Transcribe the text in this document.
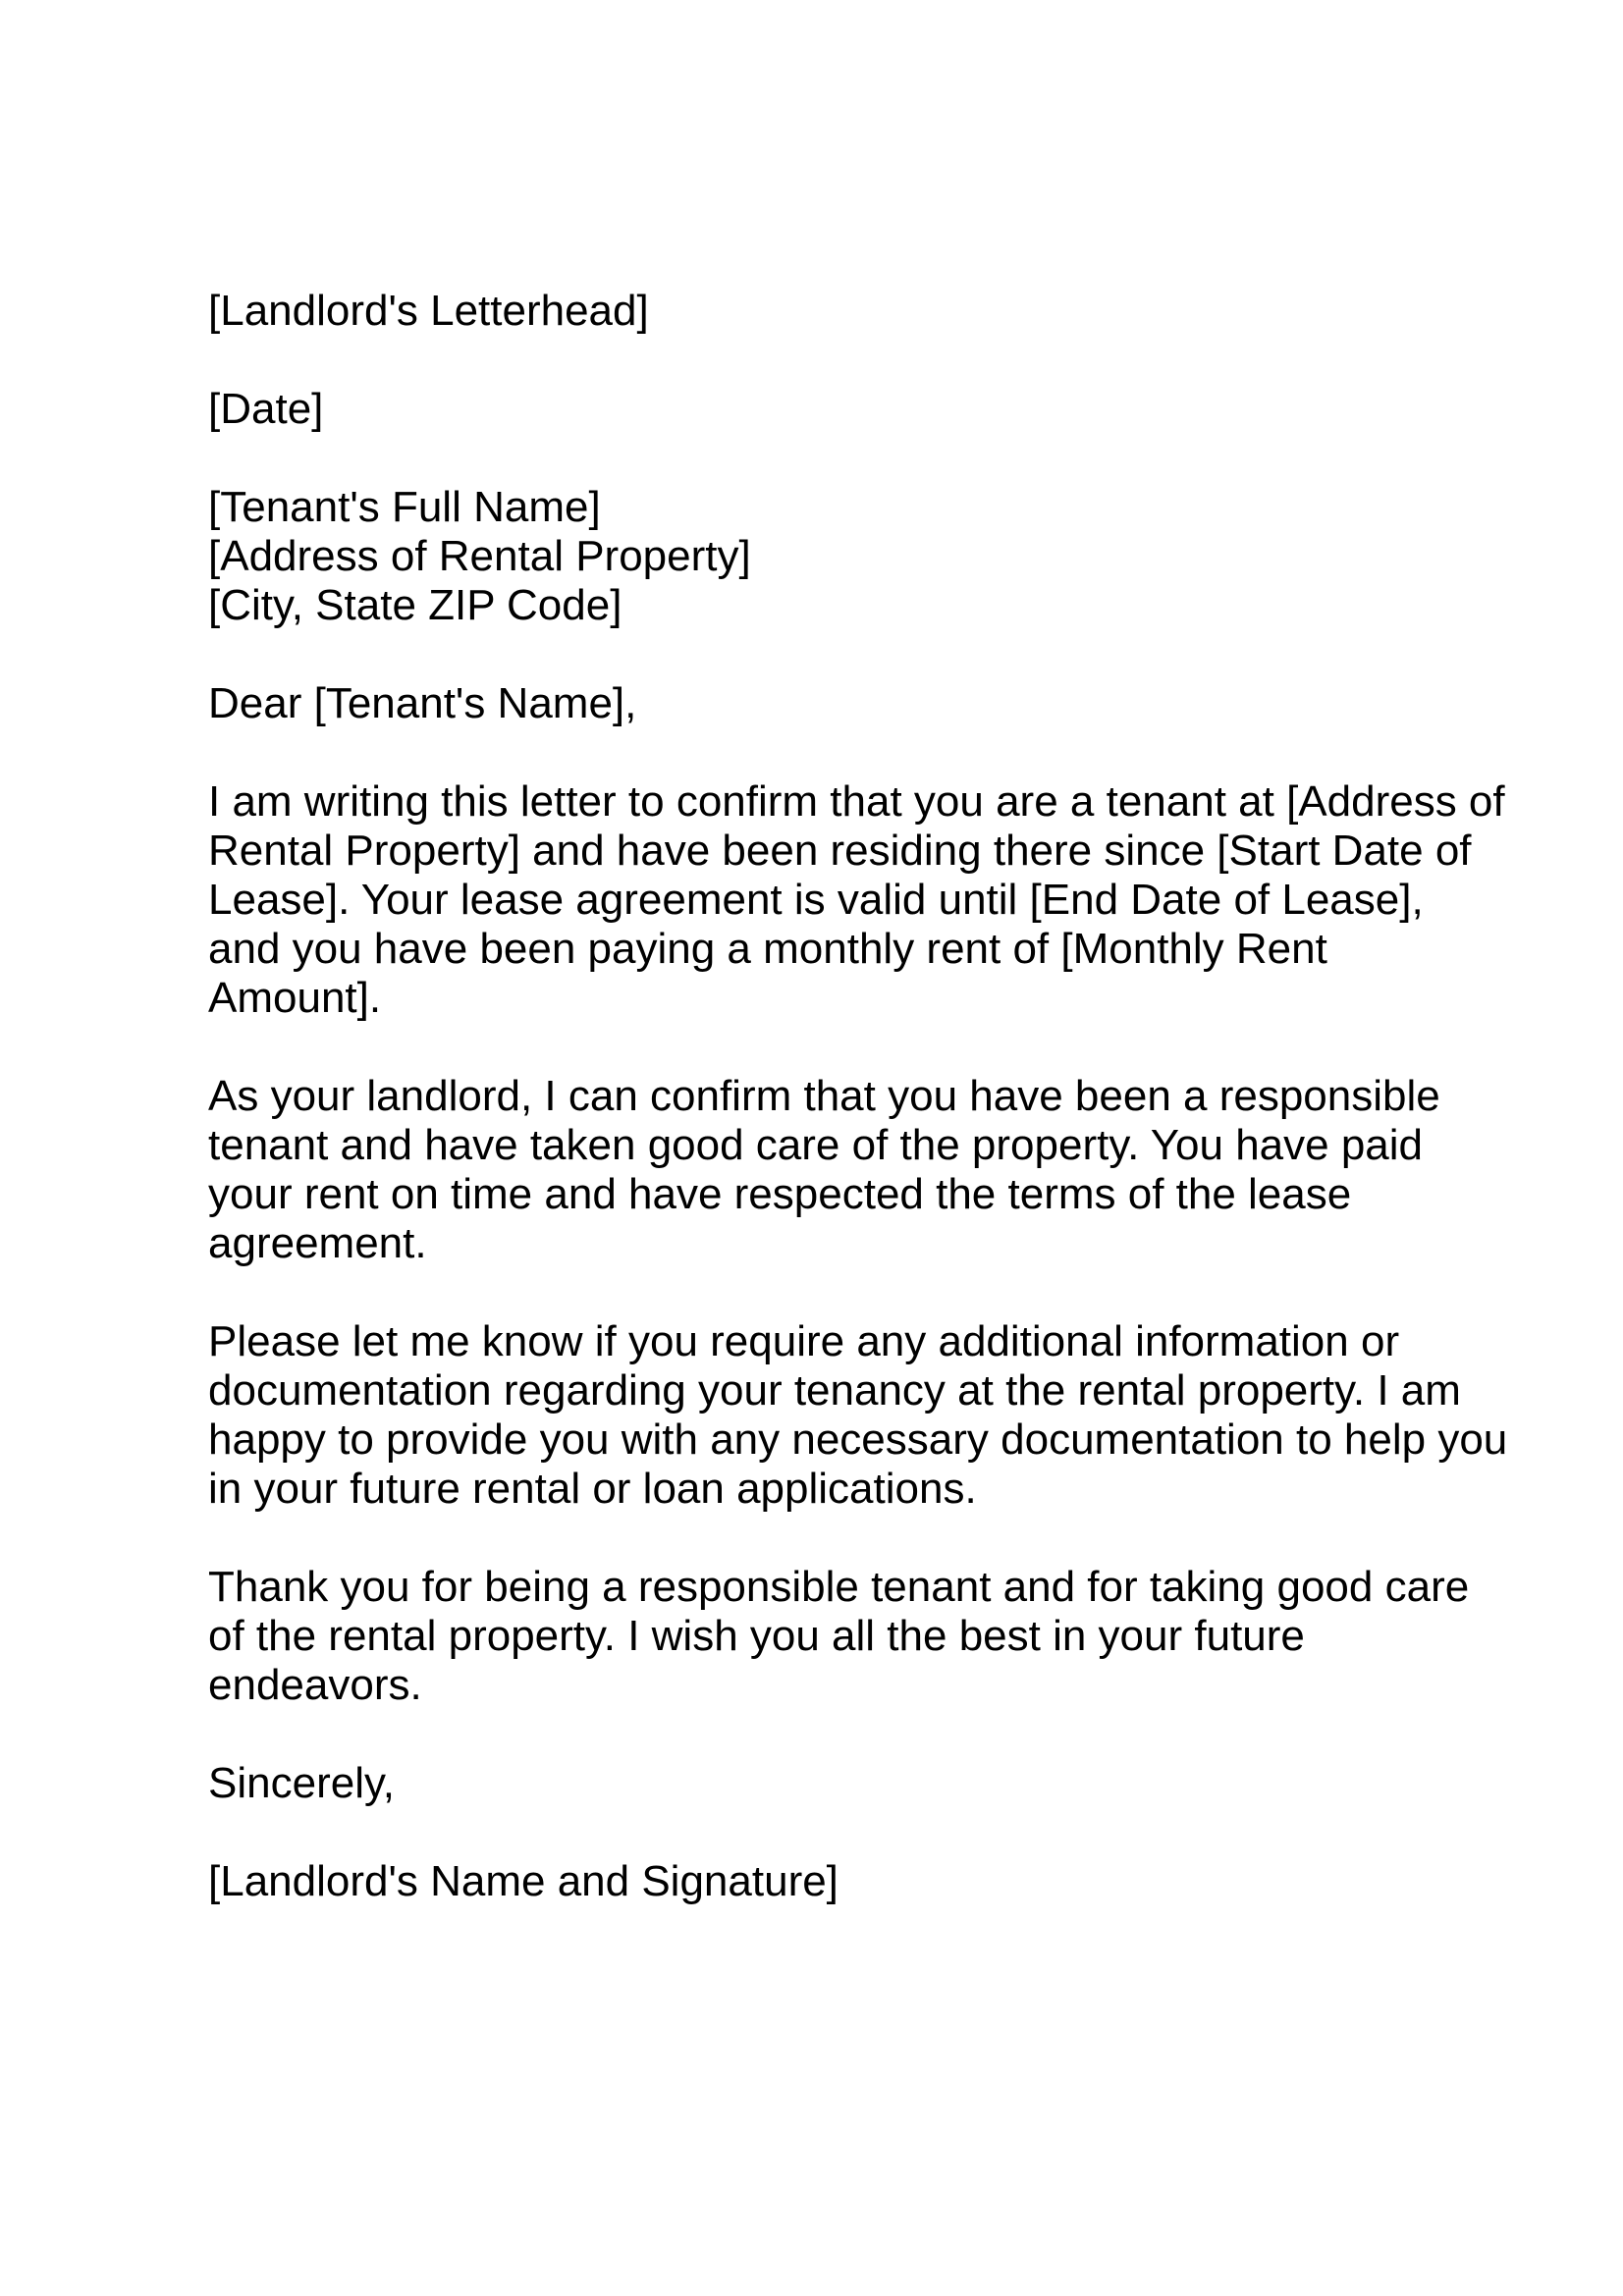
[Landlord's Letterhead]
[Date]
[Tenant's Full Name]
[Address of Rental Property]
[City, State ZIP Code]
Dear [Tenant's Name],
I am writing this letter to confirm that you are a tenant at [Address of
Rental Property] and have been residing there since [Start Date of
Lease]. Your lease agreement is valid until [End Date of Lease],
and you have been paying a monthly rent of [Monthly Rent
Amount].
As your landlord, I can confirm that you have been a responsible
tenant and have taken good care of the property. You have paid
your rent on time and have respected the terms of the lease
agreement.
Please let me know if you require any additional information or
documentation regarding your tenancy at the rental property. I am
happy to provide you with any necessary documentation to help you
in your future rental or loan applications.
Thank you for being a responsible tenant and for taking good care
of the rental property. I wish you all the best in your future
endeavors.
Sincerely,
[Landlord's Name and Signature]
